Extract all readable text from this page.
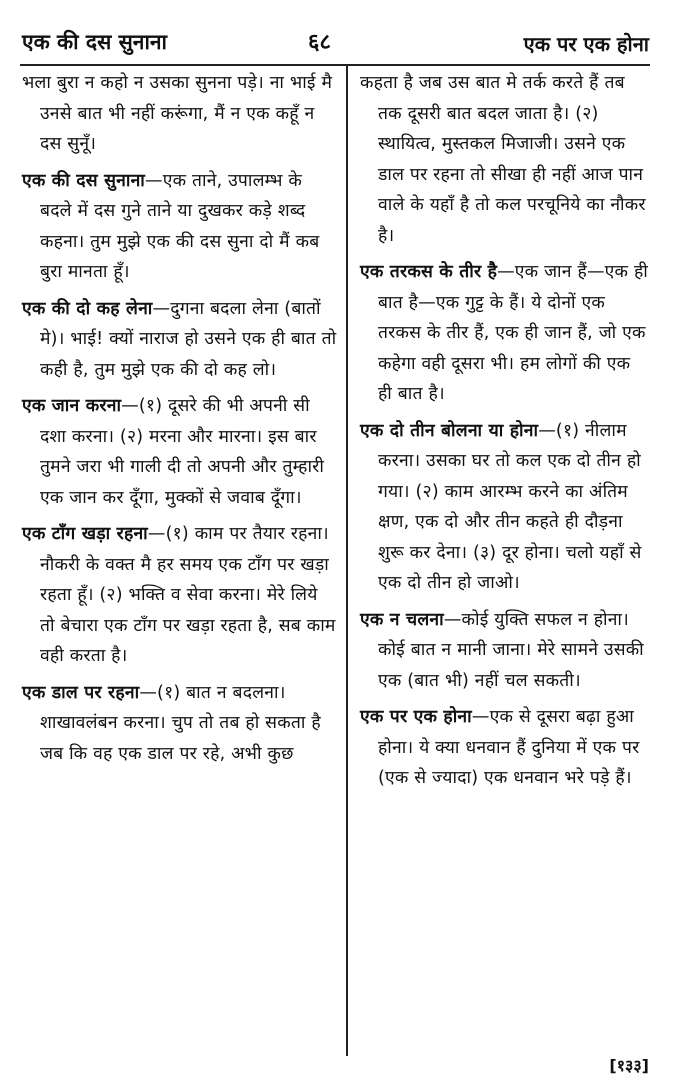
एक की दस सुनाना	६८	एक पर एक होना

भला बुरा न कहो न उसका सुनना पड़े। ना भाई मै उनसे बात भी नहीं करूंगा, मैं न एक कहूँ न दस सुनूँ।

एक की दस सुनाना—एक ताने, उपालम्भ के बदले में दस गुने ताने या दुखकर कड़े शब्द कहना। तुम मुझे एक की दस सुना दो मैं कब बुरा मानता हूँ।

एक की दो कह लेना—दुगना बदला लेना (बातों मे)। भाई! क्यों नाराज हो उसने एक ही बात तो कही है, तुम मुझे एक की दो कह लो।

एक जान करना—(१) दूसरे की भी अपनी सी दशा करना। (२) मरना और मारना। इस बार तुमने जरा भी गाली दी तो अपनी और तुम्हारी एक जान कर दूँगा, मुक्कों से जवाब दूँगा।

एक टाँग खड़ा रहना—(१) काम पर तैयार रहना। नौकरी के वक्त मै हर समय एक टाँग पर खड़ा रहता हूँ। (२) भक्ति व सेवा करना। मेरे लिये तो बेचारा एक टाँग पर खड़ा रहता है, सब काम वही करता है।

एक डाल पर रहना—(१) बात न बदलना। शाखावलंबन करना। चुप तो तब हो सकता है जब कि वह एक डाल पर रहे, अभी कुछ

कहता है जब उस बात मे तर्क करते हैं तब तक दूसरी बात बदल जाता है। (२) स्थायित्व, मुस्तकल मिजाजी। उसने एक डाल पर रहना तो सीखा ही नहीं आज पान वाले के यहाँ है तो कल परचूनिये का नौकर है।

एक तरकस के तीर है—एक जान हैं—एक ही बात है—एक गुट्ट के हैं। ये दोनों एक तरकस के तीर हैं, एक ही जान हैं, जो एक कहेगा वही दूसरा भी। हम लोगों की एक ही बात है।

एक दो तीन बोलना या होना—(१) नीलाम करना। उसका घर तो कल एक दो तीन हो गया। (२) काम आरम्भ करने का अंतिम क्षण, एक दो और तीन कहते ही दौड़ना शुरू कर देना। (३) दूर होना। चलो यहाँ से एक दो तीन हो जाओ।

एक न चलना—कोई युक्ति सफल न होना। कोई बात न मानी जाना। मेरे सामने उसकी एक (बात भी) नहीं चल सकती।

एक पर एक होना—एक से दूसरा बढ़ा हुआ होना। ये क्या धनवान हैं दुनिया में एक पर (एक से ज्यादा) एक धनवान भरे पड़े हैं।

[१३३]
